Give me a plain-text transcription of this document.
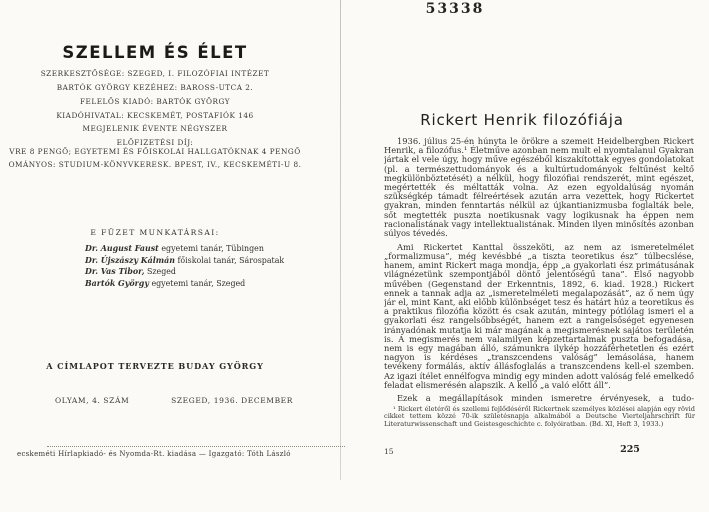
53338
SZELLEM ÉS ÉLET
SZERKESZTŐSÉGE: SZEGED, I. FILOZÓFIAI INTÉZET
BARTÓK GYÖRGY KEZÉHEZ: BAROSS-UTCA 2.
FELELŐS KIADÓ: BARTÓK GYÖRGY
KIADÓHIVATAL: KECSKEMÉT, POSTAFIÓK 146
MEGJELENIK ÉVENTE NÉGYSZER
ELŐFIZETÉSI DÍJ:
VRE 8 PENGŐ; EGYETEMI ÉS FŐISKOLAI HALLGATÓKNAK 4 PENGŐ
OMÁNYOS: STUDIUM-KÖNYVKERESK. BPEST, IV., KECSKEMÉTI-U 8.
E FÜZET MUNKATÁRSAI:
Dr. August Faust egyetemi tanár, Tübingen
Dr. Újszászy Kálmán főiskolai tanár, Sárospatak
Dr. Vas Tibor, Szeged
Bartók György egyetemi tanár, Szeged
A CÍMLAPOT TERVEZTE BUDAY GYÖRGY
OLYAM, 4. SZÁM	SZEGED, 1936. DECEMBER
ecskeméti Hírlapkiadó- és Nyomda-Rt. kiadása — Igazgató: Tóth László
Rickert Henrik filozófiája

1936. július 25-én húnyta le örökre a szemeit Heidelbergben Rickert Henrik, a filozófus.¹ Életműve azonban nem mult el nyomtalanul Gyakran jártak el vele úgy, hogy műve egészéből kiszakítottak egyes gondolatokat (pl. a természettudományok és a kultúrtudományok feltűnést keltő megkülönböztetését) a nélkül, hogy filozófiai rendszerét, mint egészet, megértették és méltatták volna. Az ezen egyoldalúság nyomán szükségkép támadt félreértések azután arra vezettek, hogy Rickertet gyakran, minden fenntartás nélkül az újkantianizmusba foglalták bele, sőt megtették puszta noetikusnak vagy logikusnak ha éppen nem racionalistának vagy intellektualistának. Minden ilyen minősítés azonban súlyos tévedés.

Ami Rickertet Kanttal összeköti, az nem az ismeretelmélet „formalizmusa”, még kevésbbé „a tiszta teoretikus ész” túlbecslése, hanem, amint Rickert maga mondja, épp „a gyakorlati ész primátusának világnézetünk szempontjából döntő jelentőségű tana”. Első nagyobb művében (Gegenstand der Erkenntnis, 1892, 6. kiad. 1928.) Rickert ennek a tannak adja az „ismeretelméleti megalapozását”, az ő nem úgy jár el, mint Kant, aki előbb különbséget tesz és határt húz a teoretikus és a praktikus filozófia között és csak azután, mintegy pótlólag ismeri el a gyakorlati ész rangelsőbbségét, hanem ezt a rangelsőséget egyenesen irányadónak mutatja ki már magának a megismerésnek sajátos területén is. A megismerés nem valamilyen képzettartalmak puszta befogadása, nem is egy magában álló, számunkra ilykép hozzáférhetetlen és ezért nagyon is kérdéses „transzcendens valóság” lemásolása, hanem tevékeny formálás, aktív állásfoglalás a transzcendens kell-el szemben. Az igazi ítélet ennélfogva mindig egy minden adott valóság felé emelkedő feladat elismerésén alapszik. A kellő „a való előtt áll”.

Ezek a megállapítások minden ismeretre érvényesek, a tudo-

¹ Rickert életéről és szellemi fejlődéséről Rickertnek személyes közlései alapján egy rövid cikket tettem közzé 70-ik születésnapja alkalmából a Deutsche Vierteljahrschrift für Literaturwissenschaft und Geistesgeschichte c. folyóiratban. (Bd. XI, Heft 3, 1933.)

15	225
